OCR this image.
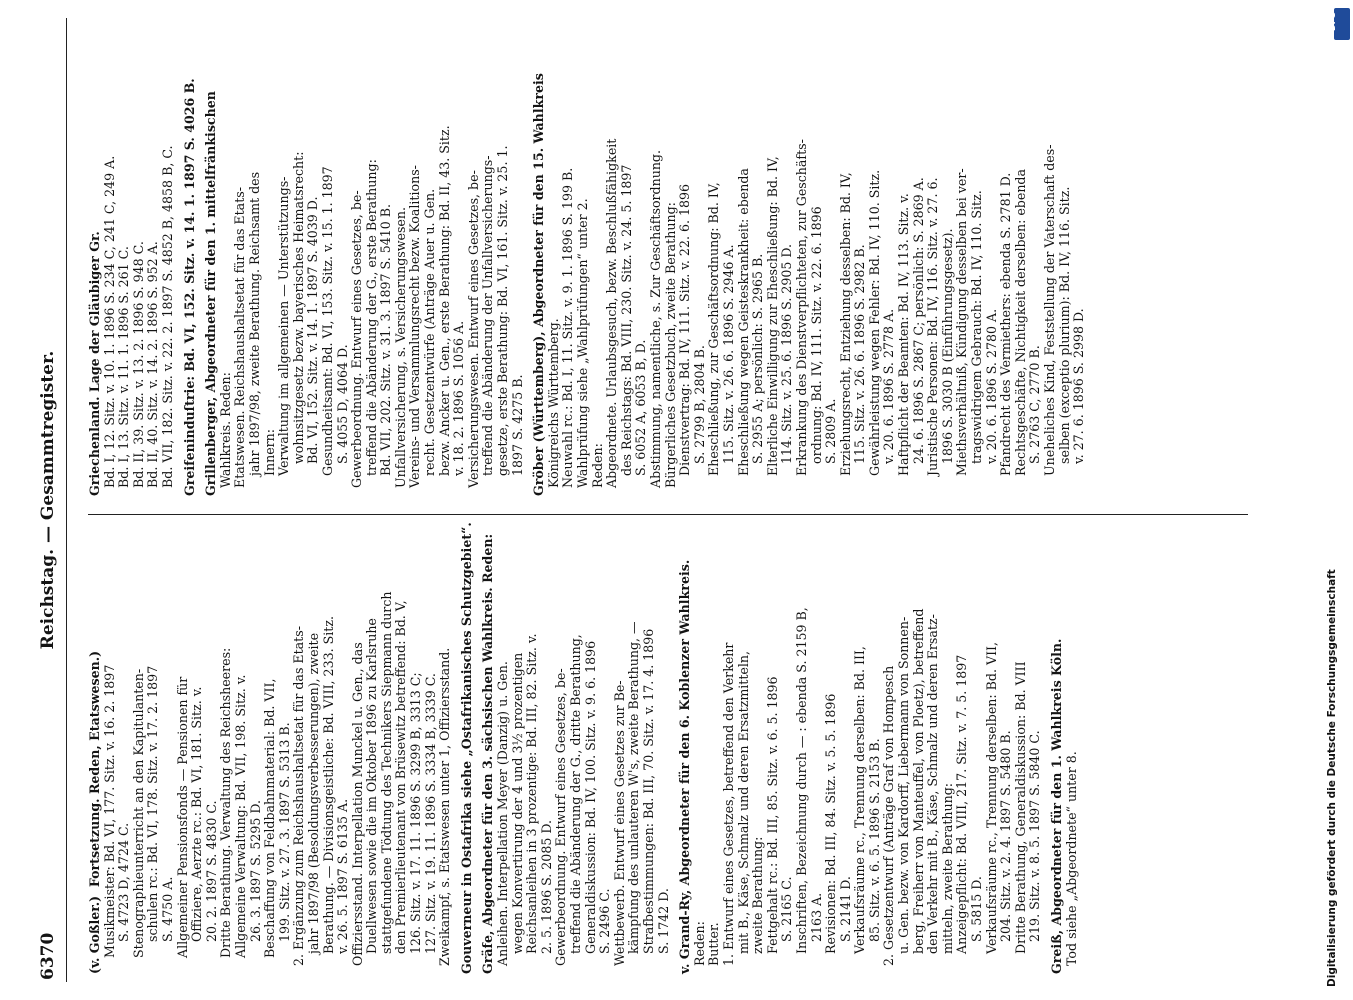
6370
Reichstag. — Gesammtregister.
(v. Goßler.)  Fortsetzung. Reden, Etatswesen.) Musikmeister: Bd. VI, 177. Sitz. v. 16. 2. 1897 S. 4723 D, 4724 C. Stenographieunterricht an den Kapitulanten- schulen rc.: Bd. VI, 178. Sitz. v. 17. 2. 1897 S. 4750 A. Allgemeiner Pensionsfonds — Pensionen für Offiziere, Aerzte rc.: Bd. VI, 181. Sitz. v. 20. 2. 1897 S. 4830 C. Dritte Berathung. Verwaltung des Reichsheeres: Allgemeine Verwaltung: Bd. VII, 198. Sitz. v. 26. 3. 1897 S. 5295 D. Beschaffung von Feldbahnmaterial: Bd. VII, 199. Sitz. v. 27. 3. 1897 S. 5313 B. 2. Ergänzung zum Reichshaushaltsetat für das Etats- jahr 1897/98 (Besoldungsverbesserungen), zweite Berathung. — Divisionsgeistliche: Bd. VIII, 233. Sitz. v. 26. 5. 1897 S. 6135 A. Offiziersstand. Interpellation Munckel u. Gen., das Duellwesen sowie die im Oktober 1896 zu Karlsruhe stattgefundene Tödtung des Technikers Siepmann durch den Premierlieutenant von Brüsewitz betreffend: Bd. V, 126. Sitz. v. 17. 11. 1896 S. 3299 B, 3313 C; 127. Sitz. v. 19. 11. 1896 S. 3334 B, 3339 C. Zweikampf, s. Etatswesen unter 1, Offiziersstand. Gouverneur in Ostafrika siehe „Ostafrikanisches Schutzgebiet“. Gräfe, Abgeordneter für den 3. sächsischen Wahlkreis. Reden: Anleihen. Interpellation Meyer (Danzig) u. Gen. wegen Konvertirung der 4 und 3½ prozentigen Reichsanleihen in 3 prozentige: Bd. III, 82. Sitz. v. 2. 5. 1896 S. 2085 D. Gewerbeordnung. Entwurf eines Gesetzes, be- treffend die Abänderung der G., dritte Berathung, Generaldiskussion: Bd. IV, 100. Sitz. v. 9. 6. 1896 S. 2496 C. Wettbewerb. Entwurf eines Gesetzes zur Be- kämpfung des unlauteren W's, zweite Berathung, — Strafbestimmungen: Bd. III, 70. Sitz. v. 17. 4. 1896 S. 1742 D. v. Grand-Ry, Abgeordneter für den 6. Koblenzer Wahlkreis. Reden: Butter. 1. Entwurf eines Gesetzes, betreffend den Verkehr mit B., Käse, Schmalz und deren Ersatzmitteln, zweite Berathung: Fettgehalt rc.: Bd. III, 85. Sitz. v. 6. 5. 1896 S. 2165 C. Inschriften, Bezeichnung durch — : ebenda S. 2159 B, 2163 A. Revisionen: Bd. III, 84. Sitz. v. 5. 5. 1896 S. 2141 D. Verkaufsräume rc., Trennung derselben: Bd. III, 85. Sitz. v. 6. 5. 1896 S. 2153 B. 2. Gesetzentwurf (Anträge Graf von Hompesch u. Gen. bezw. von Kardorff, Liebermann von Sonnen- berg, Freiherr von Manteuffel, von Ploetz), betreffend den Verkehr mit B., Käse, Schmalz und deren Ersatz- mitteln, zweite Berathung: Anzeigepflicht: Bd. VIII, 217. Sitz. v. 7. 5. 1897 S. 5815 D. Verkaufsräume rc., Trennung derselben: Bd. VII, 204. Sitz. v. 2. 4. 1897 S. 5480 B. Dritte Berathung, Generaldiskussion: Bd. VIII 219. Sitz. v. 8. 5. 1897 S. 5840 C. Greiß, Abgeordneter für den 1. Wahlkreis Köln. Tod siehe „Abgeordnete“ unter 8.
Griechenland. Lage der Gläubiger Gr. Bd. I, 12. Sitz. v. 10. 1. 1896 S. 234 C, 241 C, 249 A. Bd. I, 13. Sitz. v. 11. 1. 1896 S. 261 C. Bd. II, 39. Sitz. v. 13. 2. 1896 S. 948 C. Bd. II, 40. Sitz. v. 14. 2. 1896 S. 952 A. Bd. VII, 182. Sitz. v. 22. 2. 1897 S. 4852 B, 4858 B, C. Greifeninduſtrie: Bd. VI, 152. Sitz. v. 14. 1. 1897 S. 4026 B. Grillenberger, Abgeordneter für den 1. mittelfränkischen Wahlkreis. Reden: Etatswesen. Reichshaushaltsetat für das Etats- jahr 1897/98, zweite Berathung. Reichsamt des Innern: Verwaltung im allgemeinen — Unterstützungs- wohnsitzgesetz bezw. bayerisches Heimatsrecht: Bd. VI, 152. Sitz. v. 14. 1. 1897 S. 4039 D. Gesundheitsamt: Bd. VI, 153. Sitz. v. 15. 1. 1897 S. 4055 D, 4064 D. Gewerbeordnung. Entwurf eines Gesetzes, be- treffend die Abänderung der G., erste Berathung: Bd. VII, 202. Sitz. v. 31. 3. 1897 S. 5410 B. Unfallversicherung, s. Versicherungswesen. Vereins- und Versammlungsrecht bezw. Koalitions- recht. Gesetzentwürfe (Anträge Auer u. Gen. bezw. Ancker u. Gen., erste Berathung: Bd. II, 43. Sitz. v. 18. 2. 1896 S. 1056 A. Versicherungswesen. Entwurf eines Gesetzes, be- treffend die Abänderung der Unfallversicherungs- gesetze, erste Berathung: Bd. VI, 161. Sitz. v. 25. 1. 1897 S. 4275 B. Gröber (Württemberg), Abgeordneter für den 15. Wahlkreis Königreichs Württemberg. Neuwahl rc.: Bd. I, 11. Sitz. v. 9. 1. 1896 S. 199 B. Wahlprüfung siehe „Wahlprüfungen“ unter 2. Reden: Abgeordnete. Urlaubsgesuch, bezw. Beschlußfähigkeit des Reichstags: Bd. VIII, 230. Sitz. v. 24. 5. 1897 S. 6052 A, 6053 B, D. Abstimmung, namentliche, s. Zur Geschäftsordnung. Bürgerliches Gesetzbuch, zweite Berathung: Dienstvertrag: Bd. IV, 111. Sitz. v. 22. 6. 1896 S. 2799 B, 2804 B. Eheschließung, zur Geschäftsordnung: Bd. IV, 115. Sitz. v. 26. 6. 1896 S. 2946 A. Eheschließung wegen Geisteskrankheit: ebenda S. 2955 A; persönlich: S. 2965 B. Elterliche Einwilligung zur Eheschließung: Bd. IV, 114. Sitz. v. 25. 6. 1896 S. 2905 D. Erkrankung des Dienstverpflichteten, zur Geschäfts- ordnung: Bd. IV, 111. Sitz. v. 22. 6. 1896 S. 2809 A. Erziehungsrecht, Entziehung desselben: Bd. IV, 115. Sitz. v. 26. 6. 1896 S. 2982 B. Gewährleistung wegen Fehler: Bd. IV, 110. Sitz. v. 20. 6. 1896 S. 2778 A. Haftpflicht der Beamten: Bd. IV, 113. Sitz. v. 24. 6. 1896 S. 2867 C; persönlich: S. 2869 A. Juristische Personen: Bd. IV, 116. Sitz. v. 27. 6. 1896 S. 3030 B (Einführungsgesetz). Miethsverhältniß, Kündigung desselben bei ver- tragswidrigem Gebrauch: Bd. IV, 110. Sitz. v. 20. 6. 1896 S. 2780 A. Pfandrecht des Vermiethers: ebenda S. 2781 D. Rechtsgeschäfte, Nichtigkeit derselben: ebenda S. 2763 C, 2770 B. Uneheliches Kind, Feststellung der Vaterschaft des- selben (exceptio plurium): Bd. IV, 116. Sitz. v. 27. 6. 1896 S. 2998 D.
Digitalisierung gefördert durch die Deutsche Forschungsgemeinschaft
DFG
